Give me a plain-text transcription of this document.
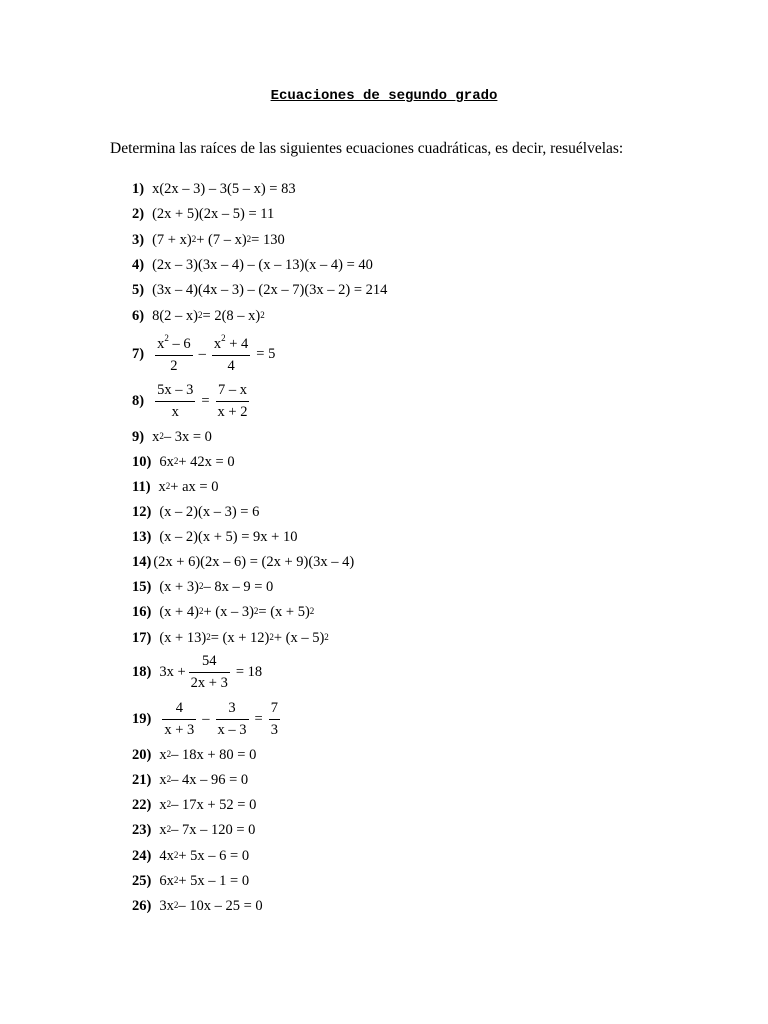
Ecuaciones de segundo grado
Determina las raíces de las siguientes ecuaciones cuadráticas, es decir, resuélvelas:
1) x(2x – 3) – 3(5 – x) = 83
2) (2x + 5)(2x – 5) = 11
3) $(7 + x)^2 + (7 - x)^2 = 130$
4) (2x – 3)(3x – 4) – (x – 13)(x – 4) = 40
5) (3x – 4)(4x – 3) – (2x – 7)(3x – 2) = 214
6) 8(2 – x)$^2$ = 2(8 – x)$^2$
$7) \frac{x^2 - 6}{2} - \frac{x^2 + 4}{4} = 5$
$8) \frac{5x - 3}{x} = \frac{7 - x}{x + 2}$
9) $x^2 - 3x = 0$
10) $6x^2 + 42x = 0$
11) $x^2$ + ax = 0
12) (x – 2)(x – 3) = 6
13) (x – 2)(x + 5) = 9x + 10
14) (2x + 6)(2x – 6) = (2x + 9)(3x – 4)
15) $(x + 3)^2 - 8x - 9 = 0$
16) $(x + 4)^2 + (x - 3)^2 = (x + 5)^2$
17) $(x + 13)^2 = (x + 12)^2 + (x - 5)^2$
18) $3x + \frac{54}{2x + 3} = 18$
$19) \frac{4}{x + 3} - \frac{3}{x - 3} = \frac{7}{3}$
20) $x^2 - 18x + 80 = 0$
21) $x^2 - 4x - 96 = 0$
22) $x^2 - 17x + 52 = 0$
23) $x^2 - 7x - 120 = 0$
24) $4x^2 + 5x - 6 = 0$
25) $6x^2 + 5x - 1 = 0$
26) $3x^2 - 10x - 25 = 0$
